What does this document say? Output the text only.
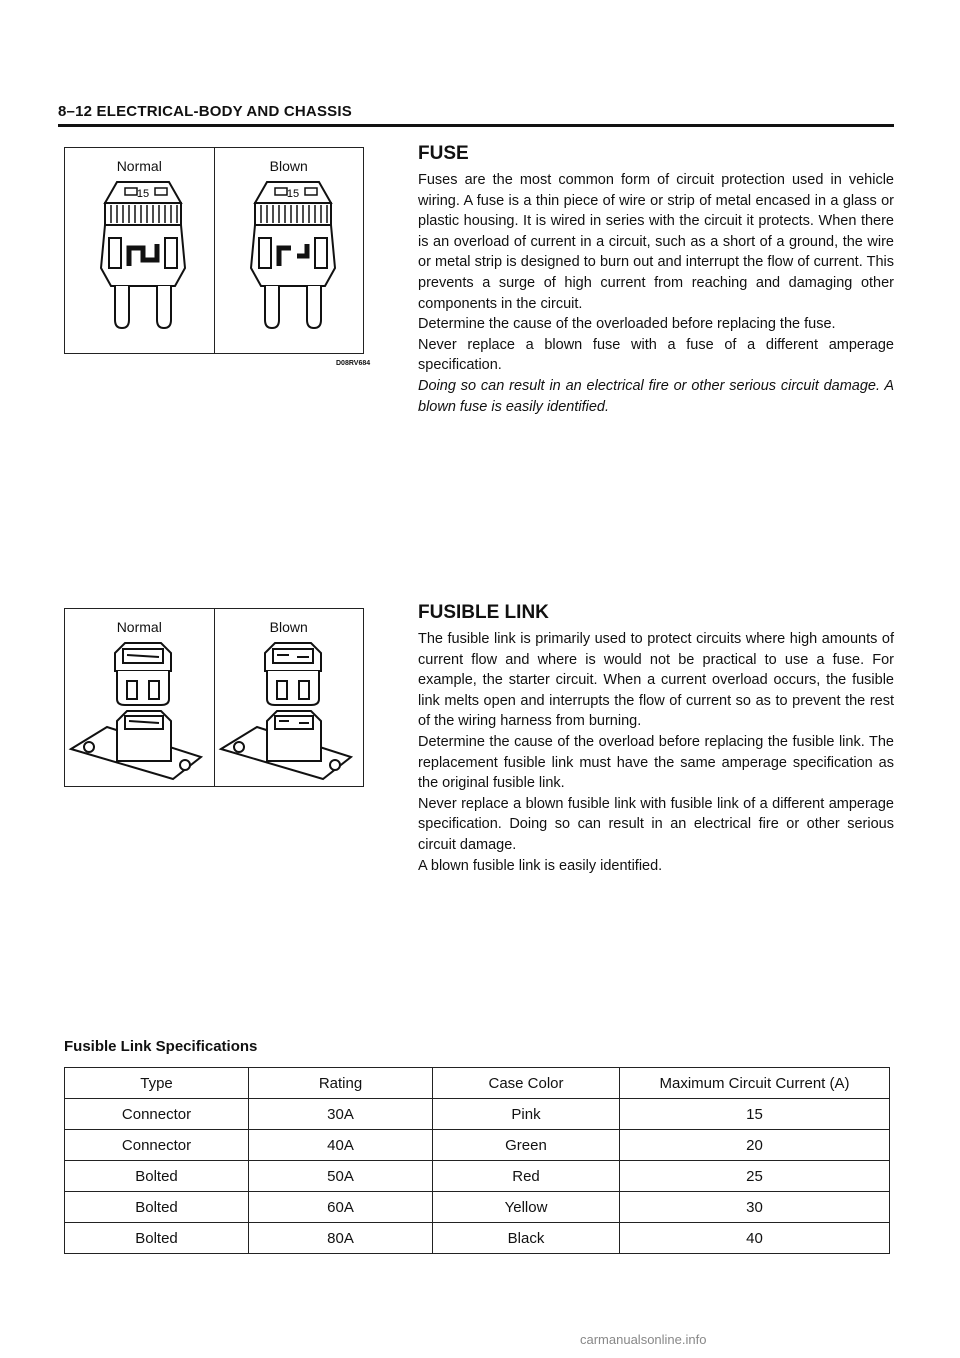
8–12 ELECTRICAL-BODY AND CHASSIS
Normal
15
Blown
15
D08RV684
FUSE

Fuses are the most common form of circuit protection used in vehicle wiring. A fuse is a thin piece of wire or strip of metal encased in a glass or plastic housing. It is wired in series with the circuit it protects. When there is an overload of current in a circuit, such as a short of a ground, the wire or metal strip is designed to burn out and interrupt the flow of current. This prevents a surge of high current from reaching and damaging other components in the circuit.

Determine the cause of the overloaded before replacing the fuse.

Never replace a blown fuse with a fuse of a different amperage specification.

Doing so can result in an electrical fire or other serious circuit damage. A blown fuse is easily identified.

Normal	Blown
FUSIBLE LINK

The fusible link is primarily used to protect circuits where high amounts of current flow and where is would not be practical to use a fuse. For example, the starter circuit. When a current overload occurs, the fusible link melts open and interrupts the flow of current so as to prevent the rest of the wiring harness from burning.

Determine the cause of the overload before replacing the fusible link. The replacement fusible link must have the same amperage specification as the original fusible link.

Never replace a blown fusible link with fusible link of a different amperage specification. Doing so can result in an electrical fire or other serious circuit damage.

A blown fusible link is easily identified.

Fusible Link Specifications
Type	Rating	Case Color	Maximum Circuit Current (A)
Connector	30A	Pink	15
Connector	40A	Green	20
Bolted	50A	Red	25
Bolted	60A	Yellow	30
Bolted	80A	Black	40
carmanualsonline.info
